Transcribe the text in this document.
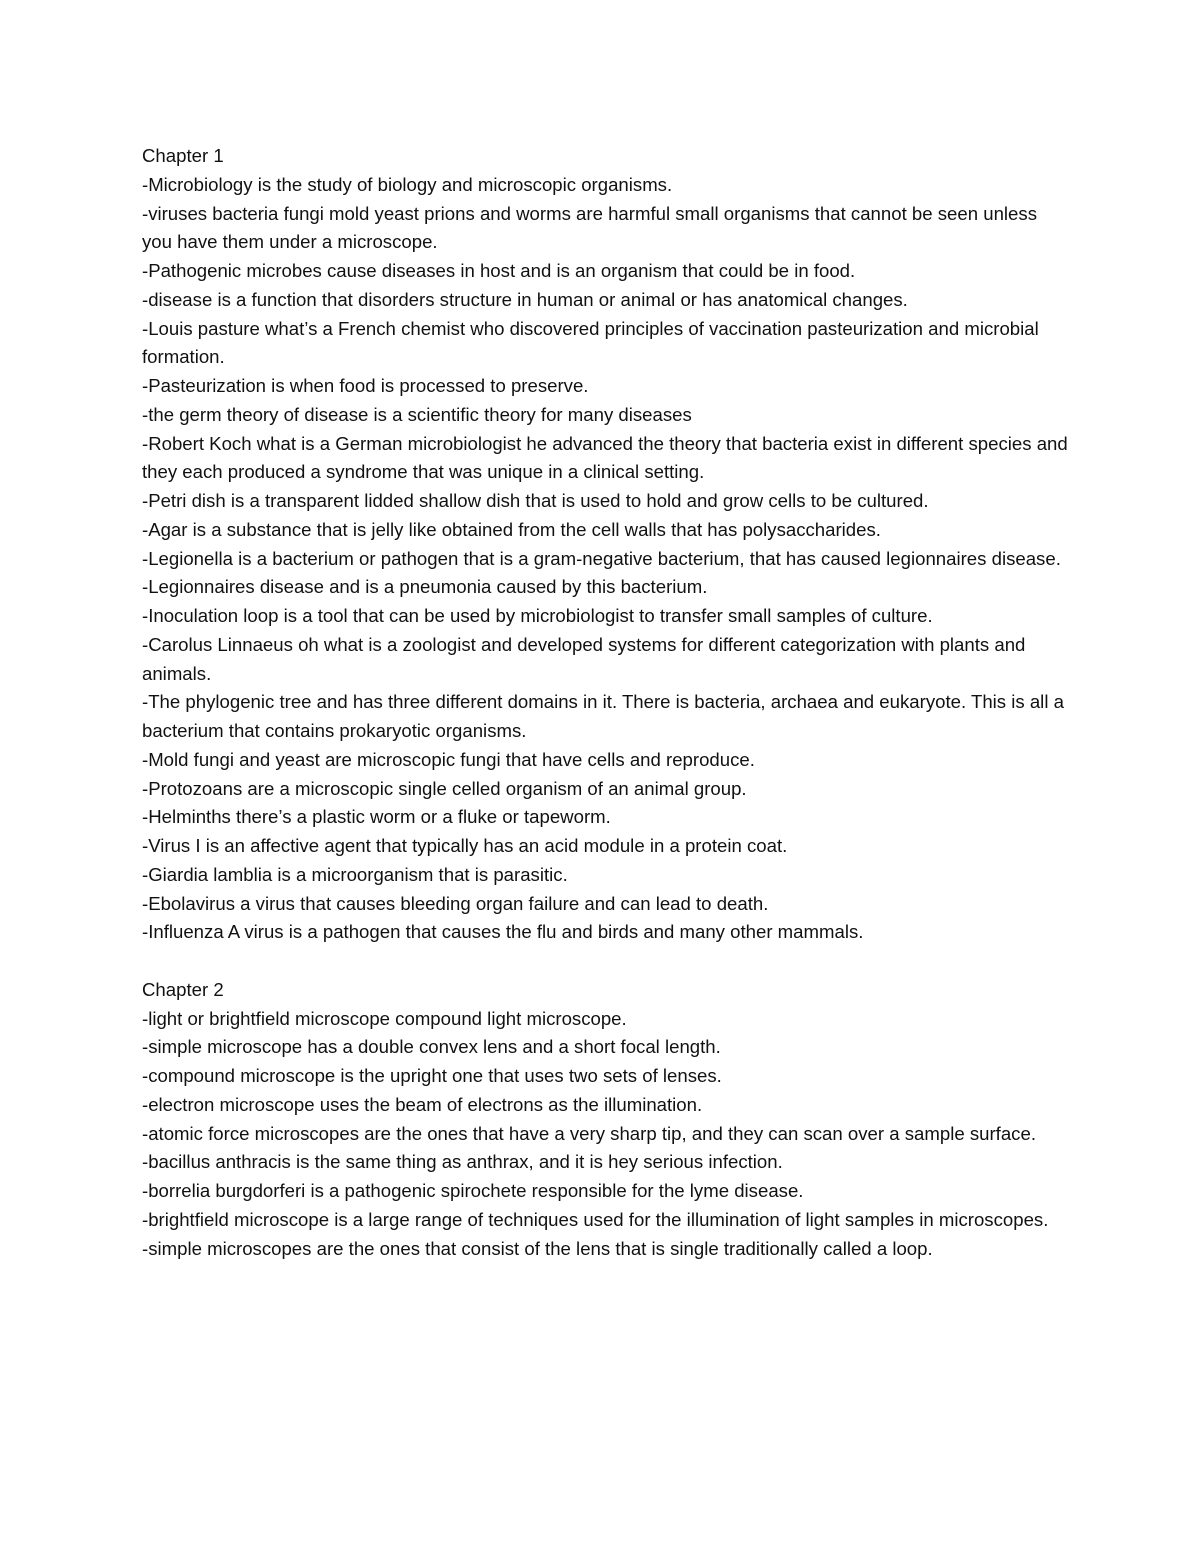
Chapter 1
-Microbiology is the study of biology and microscopic organisms.
-viruses bacteria fungi mold yeast prions and worms are harmful small organisms that cannot be seen unless you have them under a microscope.
-Pathogenic microbes cause diseases in host and is an organism that could be in food.
-disease is a function that disorders structure in human or animal or has anatomical changes.
-Louis pasture what’s a French chemist who discovered principles of vaccination pasteurization and microbial formation.
-Pasteurization is when food is processed to preserve.
-the germ theory of disease is a scientific theory for many diseases
-Robert Koch what is a German microbiologist he advanced the theory that bacteria exist in different species and they each produced a syndrome that was unique in a clinical setting.
-Petri dish is a transparent lidded shallow dish that is used to hold and grow cells to be cultured.
-Agar is a substance that is jelly like obtained from the cell walls that has polysaccharides.
-Legionella is a bacterium or pathogen that is a gram-negative bacterium, that has caused legionnaires disease.
-Legionnaires disease and is a pneumonia caused by this bacterium.
-Inoculation loop is a tool that can be used by microbiologist to transfer small samples of culture.
-Carolus Linnaeus oh what is a zoologist and developed systems for different categorization with plants and animals.
-The phylogenic tree and has three different domains in it. There is bacteria, archaea and eukaryote. This is all a bacterium that contains prokaryotic organisms.
-Mold fungi and yeast are microscopic fungi that have cells and reproduce.
-Protozoans are a microscopic single celled organism of an animal group.
-Helminths there’s a plastic worm or a fluke or tapeworm.
-Virus I is an affective agent that typically has an acid module in a protein coat.
-Giardia lamblia is a microorganism that is parasitic.
-Ebolavirus a virus that causes bleeding organ failure and can lead to death.
-Influenza A virus is a pathogen that causes the flu and birds and many other mammals.
Chapter 2
-light or brightfield microscope compound light microscope.
-simple microscope has a double convex lens and a short focal length.
-compound microscope is the upright one that uses two sets of lenses.
-electron microscope uses the beam of electrons as the illumination.
-atomic force microscopes are the ones that have a very sharp tip, and they can scan over a sample surface.
-bacillus anthracis is the same thing as anthrax, and it is hey serious infection.
-borrelia burgdorferi is a pathogenic spirochete responsible for the lyme disease.
-brightfield microscope is a large range of techniques used for the illumination of light samples in microscopes.
-simple microscopes are the ones that consist of the lens that is single traditionally called a loop.
